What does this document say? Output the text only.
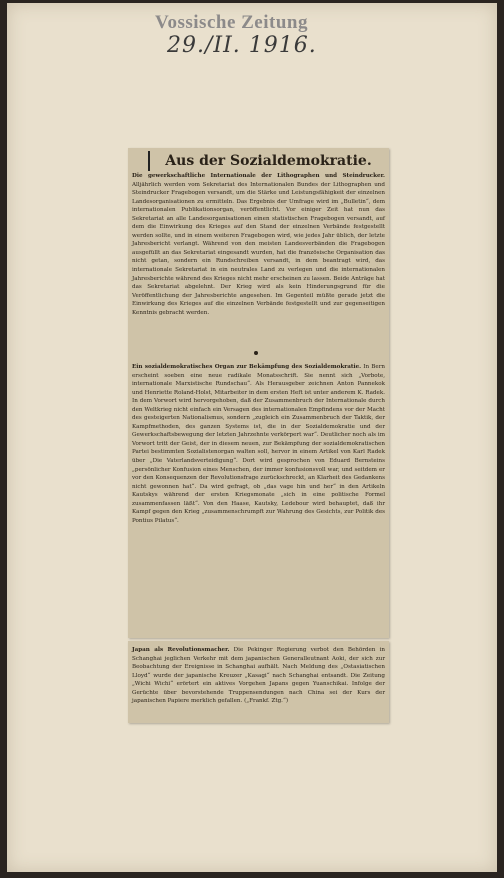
Vossische Zeitung
29./II. 1916.
Aus der Sozialdemokratie.
Die gewerkschaftliche Internationale der Lithographen und Steindrucker. Alljährlich werden vom Sekretariat des Internationalen Bundes der Lithographen und Steindrucker Fragebogen versandt, um die Stärke und Leistungsfähigkeit der einzelnen Landesorganisationen zu ermitteln. Das Ergebnis der Umfrage wird im „Bulletin“, dem internationalen Publikationsorgan, veröffentlicht. Vor einiger Zeit hat nun das Sekretariat an alle Landesorganisationen einen statistischen Fragebogen versandt, auf dem die Einwirkung des Krieges auf den Stand der einzelnen Verbände festgestellt werden sollte, und in einem weiteren Fragebogen wird, wie jedes Jahr üblich, der letzte Jahresbericht verlangt. Während von den meisten Landesverbänden die Fragebogen ausgefüllt an das Sekretariat eingesandt wurden, hat die französische Organisation das nicht getan, sondern ein Rundschreiben versandt, in dem beantragt wird, das internationale Sekretariat in ein neutrales Land zu verlegen und die internationalen Jahresberichte während des Krieges nicht mehr erscheinen zu lassen. Beide Anträge hat das Sekretariat abgelehnt. Der Krieg wird als kein Hinderungsgrund für die Veröffentlichung der Jahresberichte angesehen. Im Gegenteil müßte gerade jetzt die Einwirkung des Krieges auf die einzelnen Verbände festgestellt und zur gegenseitigen Kenntnis gebracht werden.
Ein sozialdemokratisches Organ zur Bekämpfung des Sozialdemokratie. In Bern erscheint soeben eine neue radikale Monatsschrift. Sie nennt sich „Vorbote, internationale Marxistische Rundschau“. Als Herausgeber zeichnen Anton Pannekok und Henriette Roland-Holst, Mitarbeiter in dem ersten Heft ist unter anderem K. Radek. In dem Vorwort wird hervorgehoben, daß der Zusammenbruch der Internationale durch den Weltkrieg nicht einfach ein Versagen des internationalen Empfindens vor der Macht des gesteigerten Nationalismus, sondern „zugleich ein Zusammenbruch der Taktik, der Kampfmethoden, des ganzen Systems ist, die in der Sozialdemokratie und der Gewerkschaftsbewegung der letzten Jahrzehnte verkörpert war“. Deutlicher noch als im Vorwort tritt der Geist, der in diesem neuen, zur Bekämpfung der sozialdemokratischen Partei bestimmten Sozialistenorgan walten soll, hervor in einem Artikel von Karl Radek über „Die Vaterlandsverteidigung“. Dort wird gesprochen von Eduard Bernsteins „persönlicher Konfusion eines Menschen, der immer konfusionsvoll war, und seitdem er vor den Konsequenzen der Revolutionsfrage zurückschreckt, an Klarheit des Gedankens nicht gewonnen hat“. Da wird gefragt, ob „das vage hin und her“ in den Artikeln Kautskys während der ersten Kriegsmonate „sich in eine politische Formel zusammenfassen läßt“. Von den Haase, Kautsky, Ledebour wird behauptet, daß ihr Kampf gegen den Krieg „zusammenschrumpft zur Wahrung des Gesichts, zur Politik des Pontius Pilatus“.
Japan als Revolutionsmacher. Die Pekinger Regierung verbot den Behörden in Schanghai jeglichen Verkehr mit dem japanischen Generalleutnant Aoki, der sich zur Beobachtung der Ereignisse in Schanghai aufhält. Nach Meldung des „Ostasiatischen Lloyd“ wurde der japanische Kreuzer „Kasagi“ nach Schanghai entsandt. Die Zeitung „Wichi Wichi“ erörtert ein aktives Vorgehen Japans gegen Yuanschikai. Infolge der Gerüchte über bevorstehende Truppensendungen nach China sei der Kurs der japanischen Papiere merklich gefallen. („Frankf. Ztg.“)
